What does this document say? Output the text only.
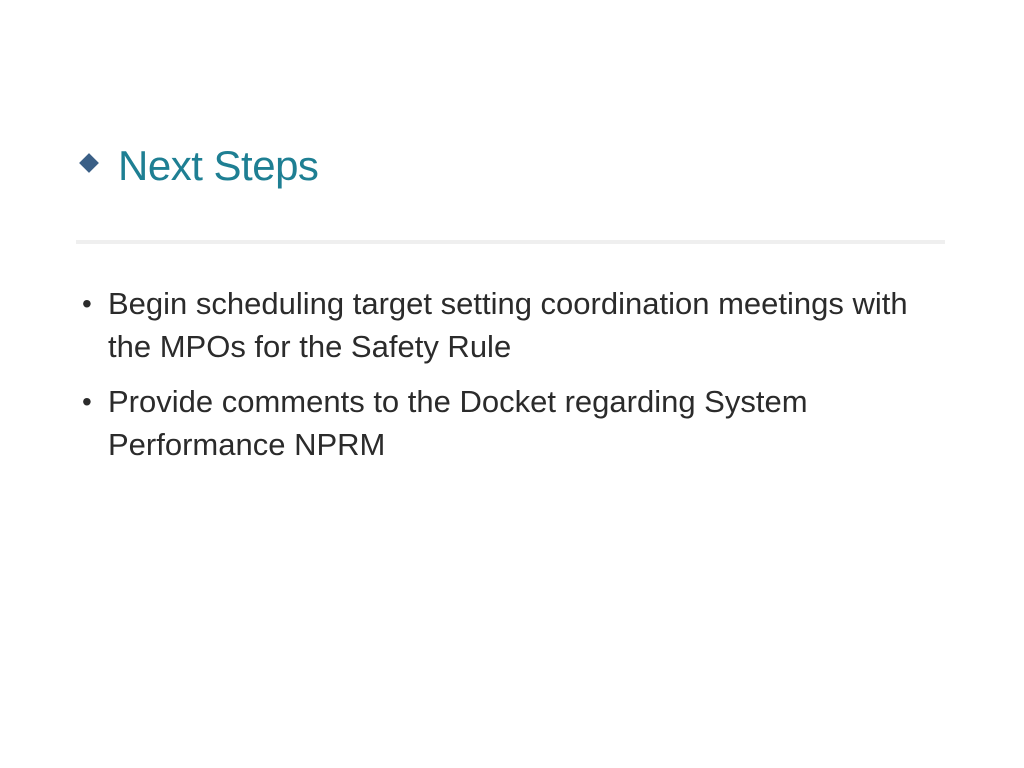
Next Steps
• Begin scheduling target setting coordination meetings with the MPOs for the Safety Rule
• Provide comments to the Docket regarding System Performance NPRM
